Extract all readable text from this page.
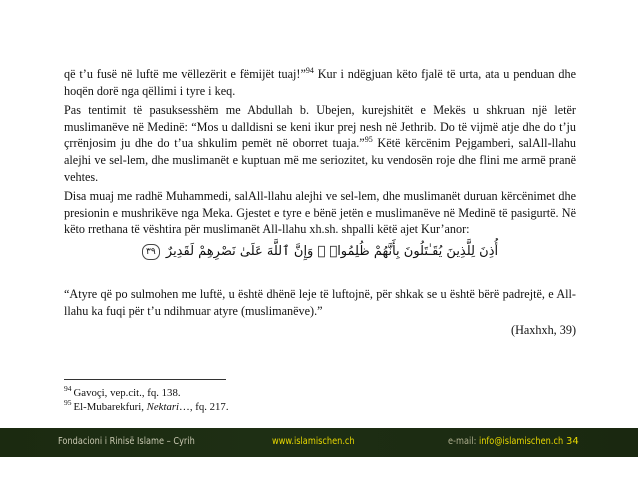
që t’u fusë në luftë me vëllezërit e fëmijët tuaj!”$^{94}$ Kur i ndëgjuan këto fjalë të urta, ata u penduan dhe hoqën dorë nga qëllimi i tyre i keq.

Pas tentimit të pasuksesshëm me Abdullah b. Ubejen, kurejshitët e Mekës u shkruan një letër muslimanëve në Medinë: “Mos u dalldisni se keni ikur prej nesh në Jethrib. Do të vijmë atje dhe do t’ju çrrënjosim ju dhe do t’ua shkulim pemët në oborret tuaja.”$^{95}$ Këtë kërcënim Pejgamberi, salAll-llahu alejhi ve sel-lem, dhe muslimanët e kuptuan më me seriozitet, ku vendosën roje dhe flini me armë pranë vehtes.

Disa muaj me radhë Muhammedi, salAll-llahu alejhi ve sel-lem, dhe muslimanët duruan kërcënimet dhe presionin e mushrikëve nga Meka. Gjestet e tyre e bënë jetën e muslimanëve në Medinë të pasigurtë. Në këto rrethana të vështira për muslimanët All-llahu xh.sh. shpalli këtë ajet Kur’anor:

٣٩ أُذِنَ لِلَّذِينَ يُقَـٰتَلُونَ بِأَنَّهُمْ ظُلِمُوا۟ ۚ وَإِنَّ ٱللَّهَ عَلَىٰ نَصْرِهِمْ لَقَدِيرٌ

“Atyre që po sulmohen me luftë, u është dhënë leje të luftojnë, për shkak se u është bërë padrejtë, e All-llahu ka fuqi për t’u ndihmuar atyre (muslimanëve).”

(Haxhxh, 39)
$^{94}$ Gavoçi, vep.cit., fq. 138.
$^{95}$ El-Mubarekfuri, Nektari…, fq. 217.
Fondacioni i Rinisë Islame – Cyrih	www.islamischen.ch	e-mail: info@islamischen.ch 34
